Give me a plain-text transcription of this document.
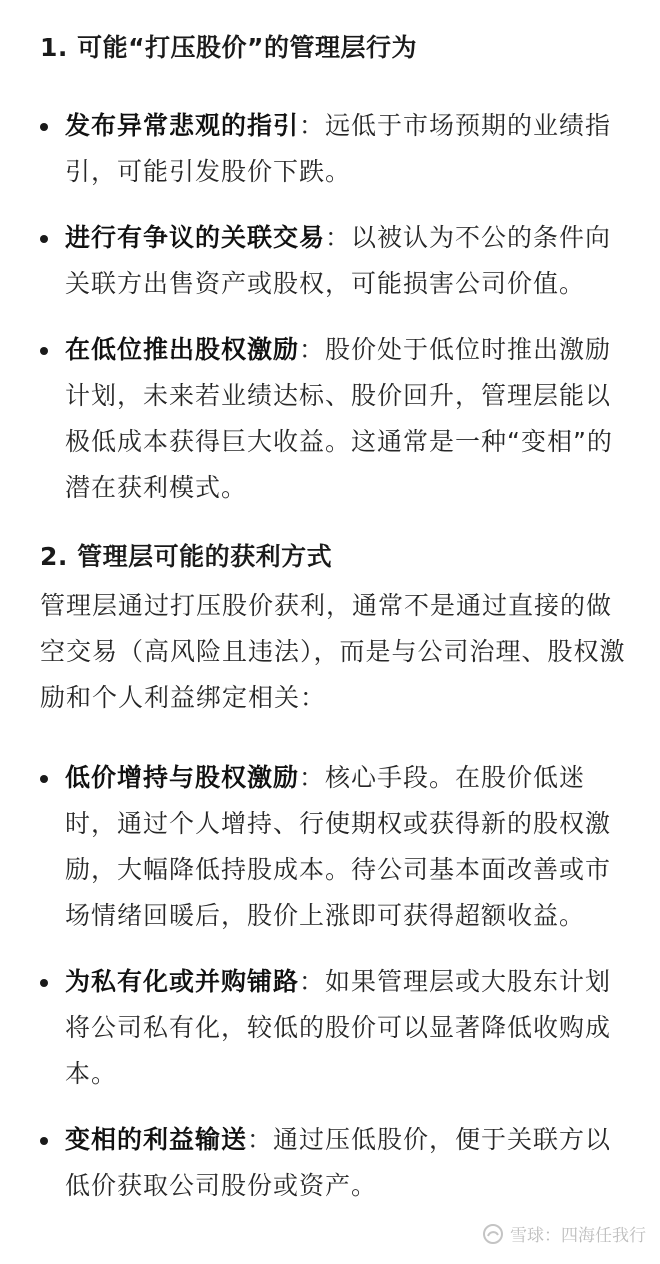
1. 可能“打压股价”的管理层行为
发布异常悲观的指引：远低于市场预期的业绩指引，可能引发股价下跌。
进行有争议的关联交易：以被认为不公的条件向关联方出售资产或股权，可能损害公司价值。
在低位推出股权激励：股价处于低位时推出激励计划，未来若业绩达标、股价回升，管理层能以极低成本获得巨大收益。这通常是一种“变相”的潜在获利模式。
2. 管理层可能的获利方式

管理层通过打压股价获利，通常不是通过直接的做空交易（高风险且违法），而是与公司治理、股权激励和个人利益绑定相关：

低价增持与股权激励：核心手段。在股价低迷时，通过个人增持、行使期权或获得新的股权激励，大幅降低持股成本。待公司基本面改善或市场情绪回暖后，股价上涨即可获得超额收益。
为私有化或并购铺路：如果管理层或大股东计划将公司私有化，较低的股价可以显著降低收购成本。
变相的利益输送：通过压低股价，便于关联方以低价获取公司股份或资产。
雪球：四海任我行
